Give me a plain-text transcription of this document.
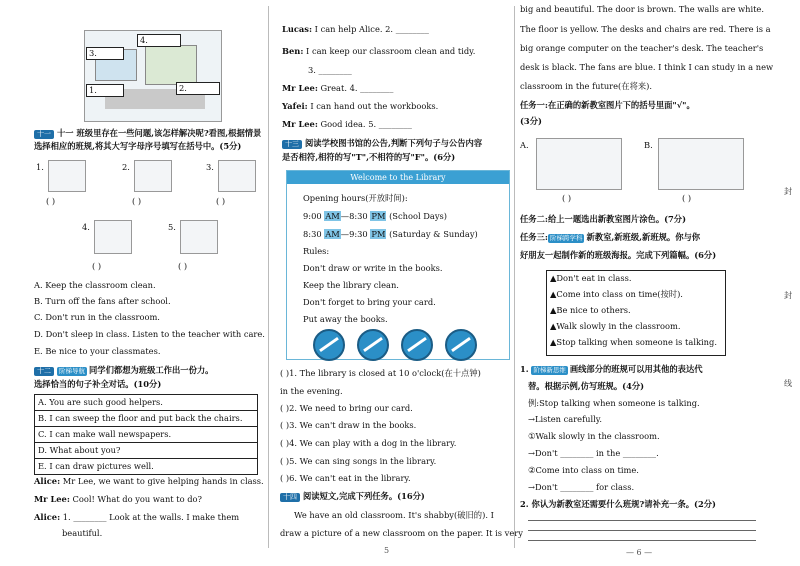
3.
4.
1.	2.
十一 十一 班级里存在一些问题,该怎样解决呢?看图,根据情景
选择相应的班规,将其大写字母序号填写在括号中。(5分)
1.
( )
2.
( )
3.
( )
4.
( )
5.
( )
A. Keep the classroom clean.
B. Turn off the fans after school.
C. Don't run in the classroom.
D. Don't sleep in class. Listen to the teacher with care.
E. Be nice to your classmates.
十二 阶梯导航 同学们都想为班级工作出一份力。
选择恰当的句子补全对话。(10分)
A. You are such good helpers.
B. I can sweep the floor and put back the chairs.
C. I can make wall newspapers.
D. What about you?
E. I can draw pictures well.
Alice: Mr Lee, we want to give helping hands in class.
Mr Lee: Cool! What do you want to do?
Alice: 1. ________ Look at the walls. I make them
beautiful.
Lucas: I can help Alice. 2. ________
Ben: I can keep our classroom clean and tidy.
3. ________
Mr Lee: Great. 4. ________
Yafei: I can hand out the workbooks.
Mr Lee: Good idea. 5. ________
十三 阅读学校图书馆的公告,判断下列句子与公告内容
是否相符,相符的写"T",不相符的写"F"。(6分)
Welcome to the Library
Opening hours(开放时间):
9:00 AM—8:30 PM (School Days)
8:30 AM—9:30 PM (Saturday & Sunday)
Rules:
Don't draw or write in the books.
Keep the library clean.
Don't forget to bring your card.
Put away the books.
( )1. The library is closed at 10 o'clock(在十点钟)
in the evening.
( )2. We need to bring our card.
( )3. We can't draw in the books.
( )4. We can play with a dog in the library.
( )5. We can sing songs in the library.
( )6. We can't eat in the library.
十四 阅读短文,完成下列任务。(16分)
We have an old classroom. It's shabby(破旧的). I
draw a picture of a new classroom on the paper. It is very
5
big and beautiful. The door is brown. The walls are white.
The floor is yellow. The desks and chairs are red. There is a
big orange computer on the teacher's desk. The teacher's
desk is black. The fans are blue. I think I can study in a new
classroom in the future(在将来).
任务一:在正确的新教室图片下的括号里面"√"。
(3分)
A.
( )
B.
( )
任务二:给上一题选出新教室图片涂色。(7分)
任务三: 阶梯跨学科 新教室,新班级,新班规。你与你
好朋友一起制作新的班级海报。完成下列篇幅。(6分)
▲Don't eat in class.
▲Come into class on time(按时).
▲Be nice to others.
▲Walk slowly in the classroom.
▲Stop talking when someone is talking.
1. 阶梯新思维 画线部分的班规可以用其他的表达代
替。根据示例,仿写班规。(4分)
例:Stop talking when someone is talking.
→Listen carefully.
①Walk slowly in the classroom.
→Don't ________ in the ________.
②Come into class on time.
→Don't ________ for class.
2. 你认为新教室还需要什么班规?请补充一条。(2分)
— 6 —
封
封
线
